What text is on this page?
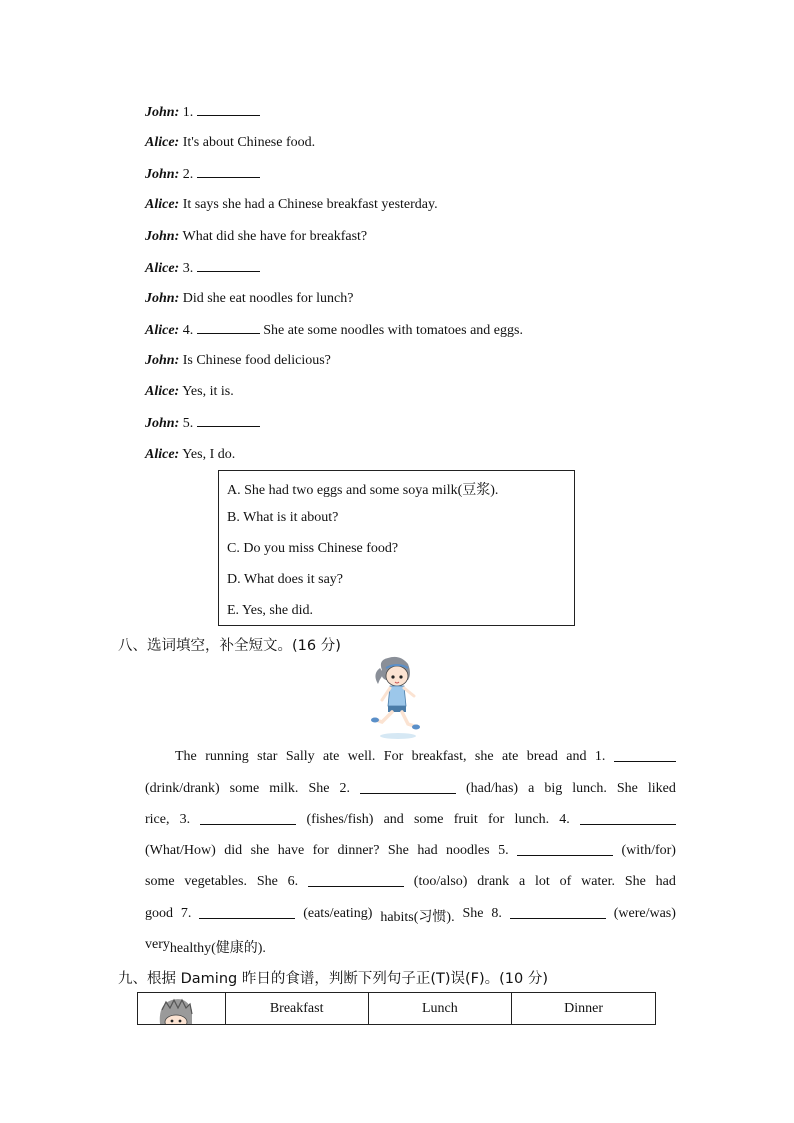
John: 1.
Alice: It's about Chinese food.
John: 2.
Alice: It says she had a Chinese breakfast yesterday.
John: What did she have for breakfast?
Alice: 3.
John: Did she eat noodles for lunch?
Alice: 4.	She ate some noodles with tomatoes and eggs.
John: Is Chinese food delicious?
Alice: Yes, it is.
John: 5.
Alice: Yes, I do.
A. She had two eggs and some soya milk(豆浆).
B. What is it about?
C. Do you miss Chinese food?
D. What does it say?
E. Yes, she did.
八、选词填空，补全短文。(16 分)
The running star Sally ate well. For breakfast, she ate bread and 1.
(drink/drank) some milk. She 2.	(had/has) a big lunch. She liked
rice, 3.	(fishes/fish) and some fruit for lunch. 4.
(What/How) did she have for dinner? She had noodles 5.	(with/for)
some vegetables. She 6.	(too/also) drank a lot of water. She had
good 7.	(eats/eating) habits(习惯). She 8.	(were/was)
very healthy(健康的).
九、根据 Daming 昨日的食谱，判断下列句子正(T)误(F)。(10 分)
	Breakfast	Lunch	Dinner
